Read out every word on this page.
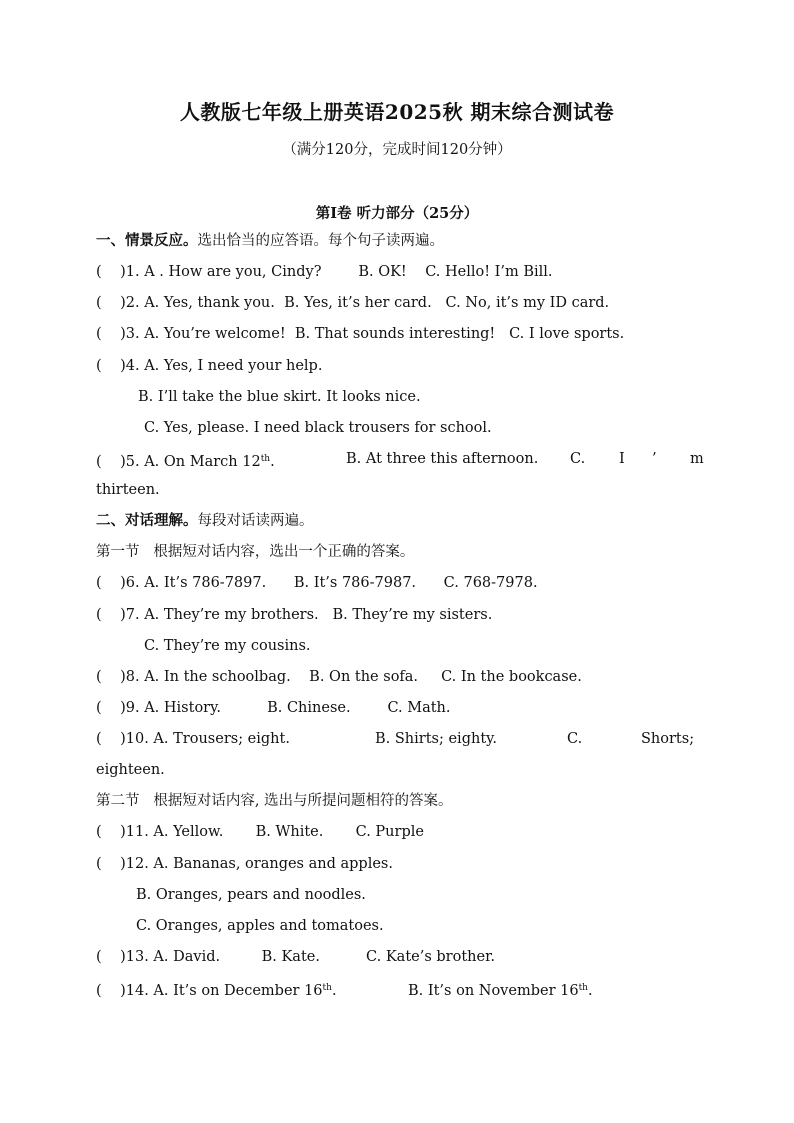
人教版七年级上册英语2025秋 期末综合测试卷
（满分120分，完成时间120分钟）
第Ⅰ卷 听力部分（25分）
一、情景反应。选出恰当的应答语。每个句子读两遍。
(    )1. A . How are you, Cindy?        B. OK!    C. Hello! I’m Bill.
(    )2. A. Yes, thank you.  B. Yes, it’s her card.   C. No, it’s my ID card.
(    )3. A. You’re welcome!  B. That sounds interesting!   C. I love sports.
(    )4. A. Yes, I need your help.
B. I’ll take the blue skirt. It looks nice.
C. Yes, please. I need black trousers for school.
(    )5. A. On March 12th.	B. At three this afternoon. C. I ’ m
thirteen.
二、对话理解。每段对话读两遍。
第一节   根据短对话内容，选出一个正确的答案。
(    )6. A. It’s 786-7897.      B. It’s 786-7987.      C. 768-7978.
(    )7. A. They’re my brothers.   B. They’re my sisters.
C. They’re my cousins.
(    )8. A. In the schoolbag.    B. On the sofa.     C. In the bookcase.
(    )9. A. History.          B. Chinese.        C. Math.
(    )10. A. Trousers; eight.	B. Shirts; eighty.	C.	Shorts;
eighteen.
第二节   根据短对话内容, 选出与所提问题相符的答案。
(    )11. A. Yellow.       B. White.       C. Purple
(    )12. A. Bananas, oranges and apples.
B. Oranges, pears and noodles.
C. Oranges, apples and tomatoes.
(    )13. A. David.         B. Kate.          C. Kate’s brother.
(    )14. A. It’s on December 16th.	B. It’s on November 16th.
